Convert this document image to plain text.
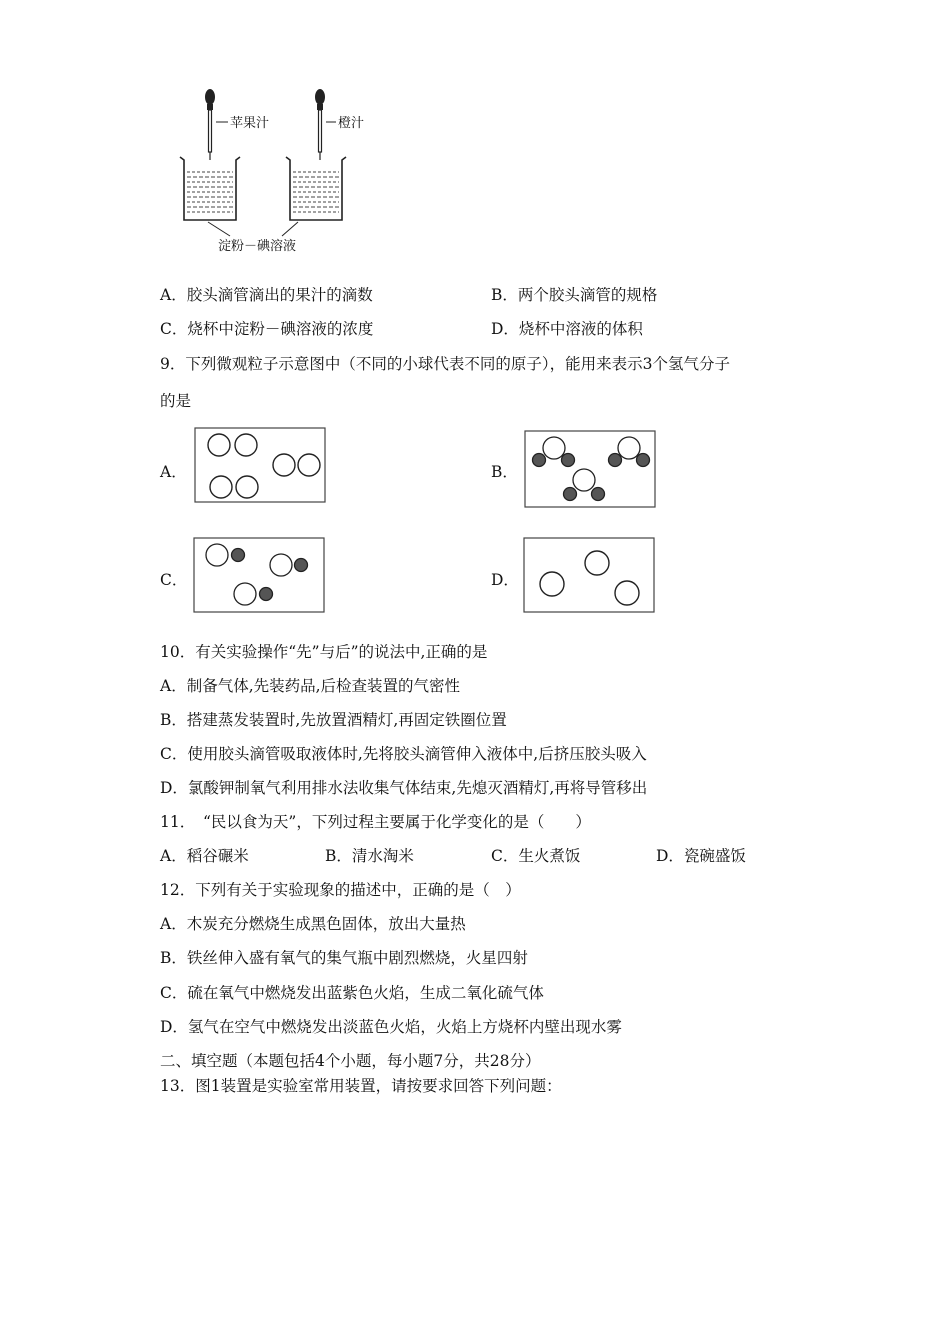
苹果汁	橙汁
淀粉－碘溶液
A．胶头滴管滴出的果汁的滴数	B．两个胶头滴管的规格
C．烧杯中淀粉－碘溶液的浓度	D．烧杯中溶液的体积
9．下列微观粒子示意图中（不同的小球代表不同的原子），能用来表示3个氢气分子
的是
A．	B．
C．	D．
10．有关实验操作“先”与后”的说法中,正确的是
A．制备气体,先装药品,后检查装置的气密性
B．搭建蒸发装置时,先放置酒精灯,再固定铁圈位置
C．使用胶头滴管吸取液体时,先将胶头滴管伸入液体中,后挤压胶头吸入
D．氯酸钾制氧气利用排水法收集气体结束,先熄灭酒精灯,再将导管移出
11．　“民以食为天”，下列过程主要属于化学变化的是（　　）
A．稻谷碾米	B．清水淘米	C．生火煮饭	D．瓷碗盛饭
12．下列有关于实验现象的描述中，正确的是（　）
A．木炭充分燃烧生成黑色固体，放出大量热
B．铁丝伸入盛有氧气的集气瓶中剧烈燃烧，火星四射
C．硫在氧气中燃烧发出蓝紫色火焰，生成二氧化硫气体
D．氢气在空气中燃烧发出淡蓝色火焰，火焰上方烧杯内壁出现水雾
二、填空题（本题包括4个小题，每小题7分，共28分）
13．图1装置是实验室常用装置，请按要求回答下列问题：
